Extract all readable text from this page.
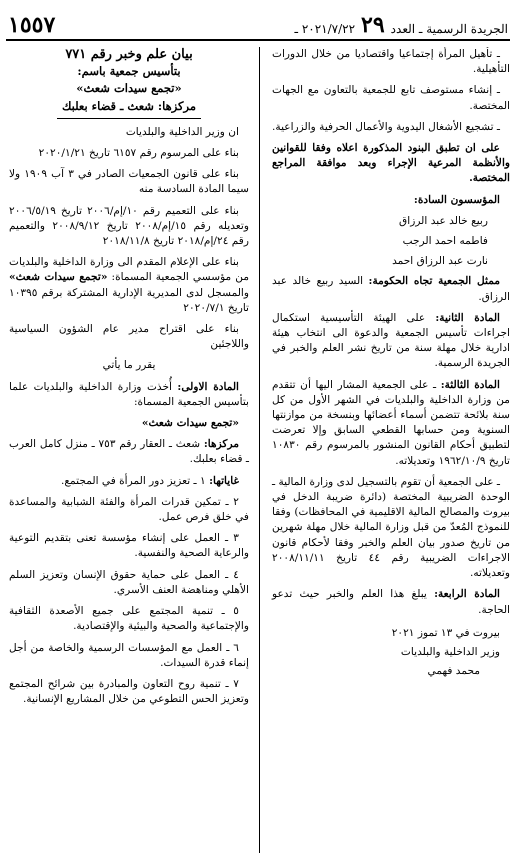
الجريدة الرسمية ـ العدد
٢٩
٢٠٢١/٧/٢٢ ـ
١٥٥٧

ـ تأهيل المرأة إجتماعيا واقتصاديا من خلال الدورات التأهيلية.

ـ إنشاء مستوصف تابع للجمعية بالتعاون مع الجهات المختصة.

ـ تشجيع الأشغال اليدوية والأعمال الحرفية والزراعية.

على ان تطبق البنود المذكورة اعلاه وفقا للقوانين والأنظمة المرعية الإجراء وبعد موافقة المراجع المختصة.

المؤسسون السادة:

ربيع خالد عبد الرزاق

فاطمه احمد الرجب

نارت عبد الرزاق احمد

ممثل الجمعية تجاه الحكومة: السيد ربيع خالد عبد الرزاق.

المادة الثانية: على الهيئة التأسيسية استكمال اجراءات تأسيس الجمعية والدعوة الى انتخاب هيئة ادارية خلال مهلة سنة من تاريخ نشر العلم والخبر في الجريدة الرسمية.

المادة الثالثة: ـ على الجمعية المشار اليها أن تتقدم من وزارة الداخلية والبلديات في الشهر الأول من كل سنة بلائحة تتضمن أسماء أعضائها وبنسخة من موازنتها السنوية ومن حسابها القطعي السابق وإلا تعرضت لتطبيق أحكام القانون المنشور بالمرسوم رقم ١٠٨٣٠ تاريخ ١٩٦٢/١٠/٩ وتعديلاته.

ـ على الجمعية أن تقوم بالتسجيل لدى وزارة المالية ـ الوحدة الضريبية المختصة (دائرة ضريبة الدخل في بيروت والمصالح المالية الاقليمية في المحافظات) وفقا للنموذج المُعدّ من قبل وزارة المالية خلال مهلة شهرين من تاريخ صدور بيان العلم والخبر وفقا لأحكام قانون الاجراءات الضريبية رقم ٤٤ تاريخ ٢٠٠٨/١١/١١ وتعديلاته.

المادة الرابعة: يبلغ هذا العلم والخبر حيث تدعو الحاجة.

بيروت في ١٣ تموز ٢٠٢١

وزير الداخلية والبلديات

محمد فهمي

بيان علم وخبر رقم ٧٧١

بتأسيس جمعية باسم:

«تجمع سيدات شعث»

مركزها: شعث ـ قضاء بعلبك

ان وزير الداخلية والبلديات

بناء على المرسوم رقم ٦١٥٧ تاريخ ٢٠٢٠/١/٢١

بناء على قانون الجمعيات الصادر في ٣ آب ١٩٠٩ ولا سيما المادة السادسة منه

بناء على التعميم رقم ١٠/إم/٢٠٠٦ تاريخ ٢٠٠٦/٥/١٩ وتعديله رقم ١٥/إم/٢٠٠٨ تاريخ ٢٠٠٨/٩/١٢ والتعميم رقم ٢٤/إم/٢٠١٨ تاريخ ٢٠١٨/١١/٨

بناء على الإعلام المقدم الى وزارة الداخلية والبلديات من مؤسسي الجمعية المسماة: «تجمع سيدات شعث» والمسجل لدى المديرية الإدارية المشتركة برقم ١٠٣٩٥ تاريخ ٢٠٢٠/٧/١

بناء على اقتراح مدير عام الشؤون السياسية واللاجئين

يقرر ما يأتي

المادة الاولى: أُخذت وزارة الداخلية والبلديات علما بتأسيس الجمعية المسماة:

«تجمع سيدات شعث»

مركزها: شعث ـ العقار رقم ٧٥٣ ـ منزل كامل العرب ـ قضاء بعلبك.

غاياتها: ١ ـ تعزيز دور المرأة في المجتمع.

٢ ـ تمكين قدرات المرأة والفئة الشبابية والمساعدة في خلق فرص عمل.

٣ ـ العمل على إنشاء مؤسسة تعنى بتقديم التوعية والرعاية الصحية والنفسية.

٤ ـ العمل على حماية حقوق الإنسان وتعزيز السلم الأهلي ومناهضة العنف الأسري.

٥ ـ تنمية المجتمع على جميع الأصعدة الثقافية والإجتماعية والصحية والبيئية والإقتصادية.

٦ ـ العمل مع المؤسسات الرسمية والخاصة من أجل إنماء قدرة السيدات.

٧ ـ تنمية روح التعاون والمبادرة بين شرائح المجتمع وتعزيز الحس التطوعي من خلال المشاريع الإنسانية.
